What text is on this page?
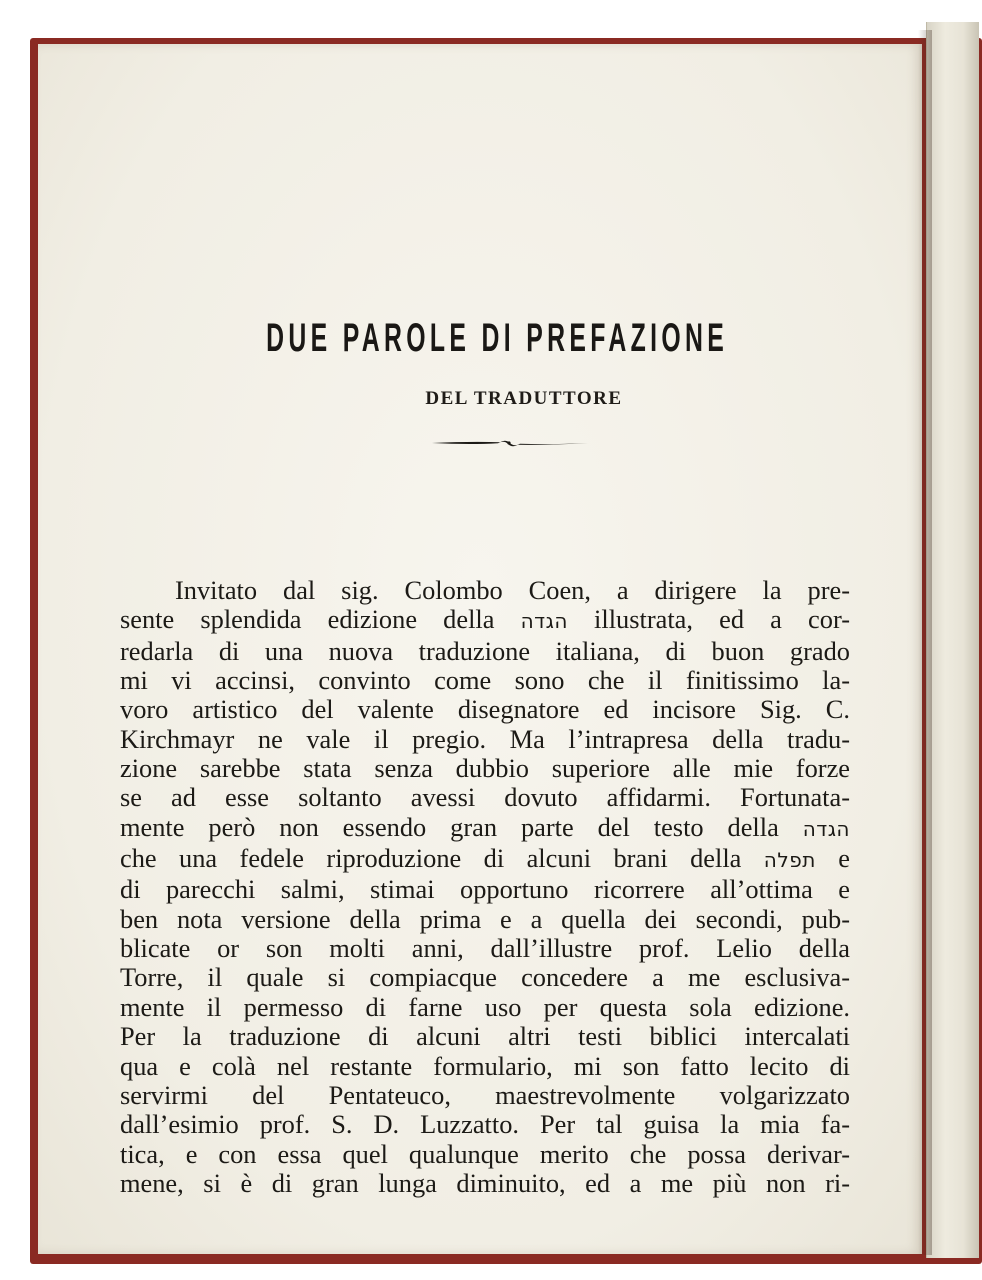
DUE PAROLE DI PREFAZIONE
DEL TRADUTTORE

Invitato dal sig. Colombo Coen, a dirigere la pre-
sente splendida edizione della הגדה illustrata, ed a cor-
redarla di una nuova traduzione italiana, di buon grado
mi vi accinsi, convinto come sono che il finitissimo la-
voro artistico del valente disegnatore ed incisore Sig. C.
Kirchmayr ne vale il pregio. Ma l’intrapresa della tradu-
zione sarebbe stata senza dubbio superiore alle mie forze
se ad esse soltanto avessi dovuto affidarmi. Fortunata-
mente però non essendo gran parte del testo della הגדה
che una fedele riproduzione di alcuni brani della תפלה e
di parecchi salmi, stimai opportuno ricorrere all’ottima e
ben nota versione della prima e a quella dei secondi, pub-
blicate or son molti anni, dall’illustre prof. Lelio della
Torre, il quale si compiacque concedere a me esclusiva-
mente il permesso di farne uso per questa sola edizione.
Per la traduzione di alcuni altri testi biblici intercalati
qua e colà nel restante formulario, mi son fatto lecito di
servirmi del Pentateuco, maestrevolmente volgarizzato
dall’esimio prof. S. D. Luzzatto. Per tal guisa la mia fa-
tica, e con essa quel qualunque merito che possa derivar-
mene, si è di gran lunga diminuito, ed a me più non ri-
